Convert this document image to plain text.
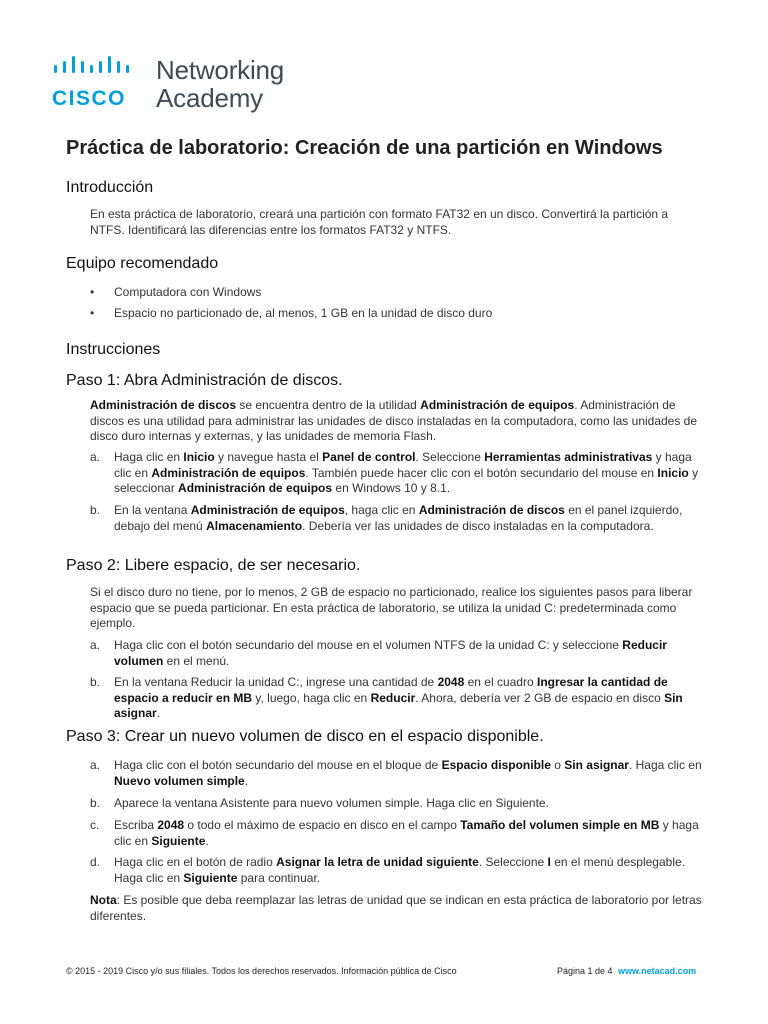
CISCO
Networking
Academy
Práctica de laboratorio: Creación de una partición en Windows
Introducción

En esta práctica de laboratorio, creará una partición con formato FAT32 en un disco. Convertirá la partición a NTFS. Identificará las diferencias entre los formatos FAT32 y NTFS.

Equipo recomendado
• Computadora con Windows
• Espacio no particionado de, al menos, 1 GB en la unidad de disco duro
Instrucciones
Paso 1: Abra Administración de discos.

Administración de discos se encuentra dentro de la utilidad Administración de equipos. Administración de discos es una utilidad para administrar las unidades de disco instaladas en la computadora, como las unidades de disco duro internas y externas, y las unidades de memoria Flash.

a. Haga clic en Inicio y navegue hasta el Panel de control. Seleccione Herramientas administrativas y haga clic en Administración de equipos. También puede hacer clic con el botón secundario del mouse en Inicio y seleccionar Administración de equipos en Windows 10 y 8.1.
b. En la ventana Administración de equipos, haga clic en Administración de discos en el panel izquierdo, debajo del menú Almacenamiento. Debería ver las unidades de disco instaladas en la computadora.
Paso 2: Libere espacio, de ser necesario.

Si el disco duro no tiene, por lo menos, 2 GB de espacio no particionado, realice los siguientes pasos para liberar espacio que se pueda particionar. En esta práctica de laboratorio, se utiliza la unidad C: predeterminada como ejemplo.

a. Haga clic con el botón secundario del mouse en el volumen NTFS de la unidad C: y seleccione Reducir volumen en el menú.
b. En la ventana Reducir la unidad C:, ingrese una cantidad de 2048 en el cuadro Ingresar la cantidad de espacio a reducir en MB y, luego, haga clic en Reducir. Ahora, debería ver 2 GB de espacio en disco Sin asignar.
Paso 3: Crear un nuevo volumen de disco en el espacio disponible.
a. Haga clic con el botón secundario del mouse en el bloque de Espacio disponible o Sin asignar. Haga clic en Nuevo volumen simple.
b. Aparece la ventana Asistente para nuevo volumen simple. Haga clic en Siguiente.
c. Escriba 2048 o todo el máximo de espacio en disco en el campo Tamaño del volumen simple en MB y haga clic en Siguiente.
d. Haga clic en el botón de radio Asignar la letra de unidad siguiente. Seleccione I en el menú desplegable. Haga clic en Siguiente para continuar.

Nota: Es posible que deba reemplazar las letras de unidad que se indican en esta práctica de laboratorio por letras diferentes.

© 2015 - 2019 Cisco y/o sus filiales. Todos los derechos reservados. Información pública de Cisco	Página 1 de 4 www.netacad.com
